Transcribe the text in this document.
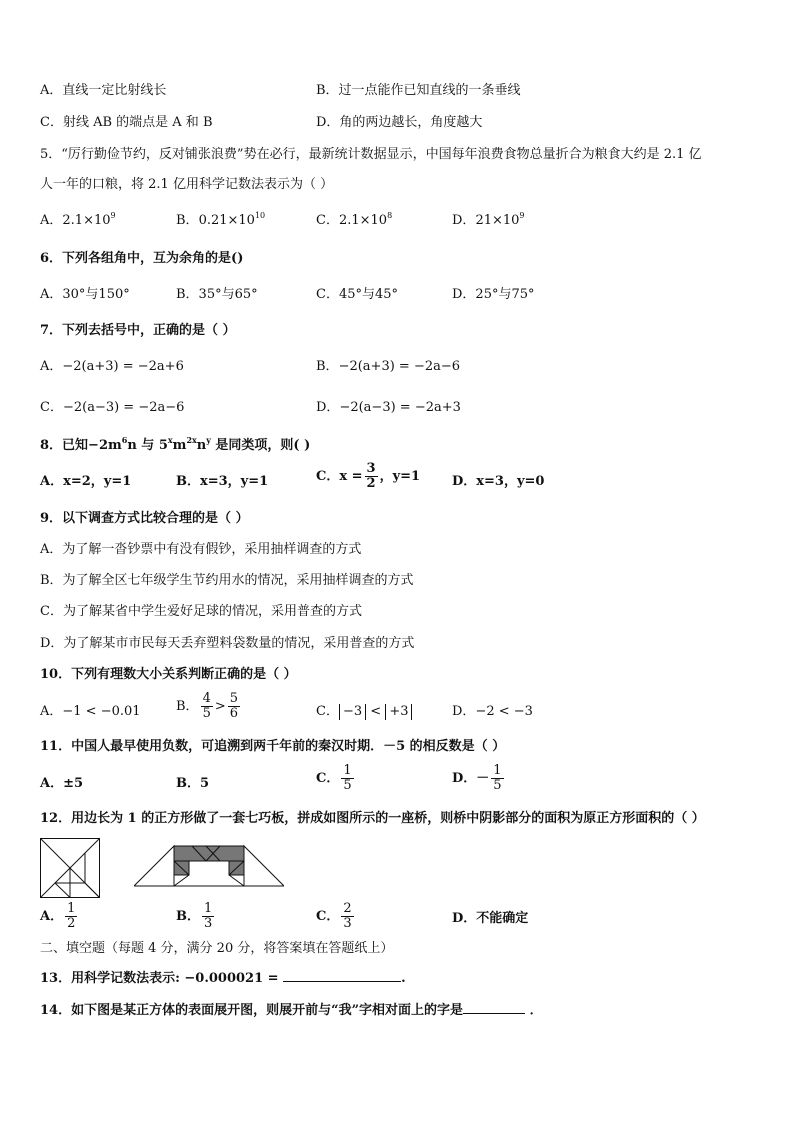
A．直线一定比射线长	B．过一点能作已知直线的一条垂线
C．射线 AB 的端点是 A 和 B	D．角的两边越长，角度越大
5．“厉行勤俭节约，反对铺张浪费”势在必行，最新统计数据显示，中国每年浪费食物总量折合为粮食大约是 2.1 亿
人一年的口粮，将 2.1 亿用科学记数法表示为（ ）
A．$2.1\times 10^9$	B．$0.21\times 10^{10}$	C．$2.1\times 10^8$	D．$21\times 10^9$
6．下列各组角中，互为余角的是()
A．30°与150°	B．35°与65°	C．45°与45°	D．25°与75°
7．下列去括号中，正确的是（ ）
A．−2(a+3) = −2a+6	B．−2(a+3) = −2a−6
C．−2(a−3) = −2a−6	D．−2(a−3) = −2a+3
8．已知$-2m^6n$ 与 $5^xm^{2x}n^y$ 是同类项，则( )
A．x=2，y=1	B．x=3，y=1	C．$x = \frac{3}{2}$ ，y=1 D．x=3，y=0
9．以下调查方式比较合理的是（ ）
A．为了解一沓钞票中有没有假钞，采用抽样调查的方式
B．为了解全区七年级学生节约用水的情况，采用抽样调查的方式
C．为了解某省中学生爱好足球的情况，采用普查的方式
D．为了解某市市民每天丢弃塑料袋数量的情况，采用普查的方式
10．下列有理数大小关系判断正确的是（ ）
A．−1 < −0.01	B． $\frac{4}{5} > \frac{5}{6}$	C． −3 < +3	D．−2 < −3
11．中国人最早使用负数，可追溯到两千年前的秦汉时期．－5 的相反数是（ ）
A．±5	B．5	C． $\frac{1}{5}$	D．－ $\frac{1}{5}$
12．用边长为 1 的正方形做了一套七巧板，拼成如图所示的一座桥，则桥中阴影部分的面积为原正方形面积的（ ）
A． $\frac{1}{2}$	B． $\frac{1}{3}$	C． $\frac{2}{3}$	D．不能确定
二、填空题（每题 4 分，满分 20 分，将答案填在答题纸上）
13．用科学记数法表示: −0.000021 =	.
14．如下图是某正方体的表面展开图，则展开前与“我”字相对面上的字是	．
